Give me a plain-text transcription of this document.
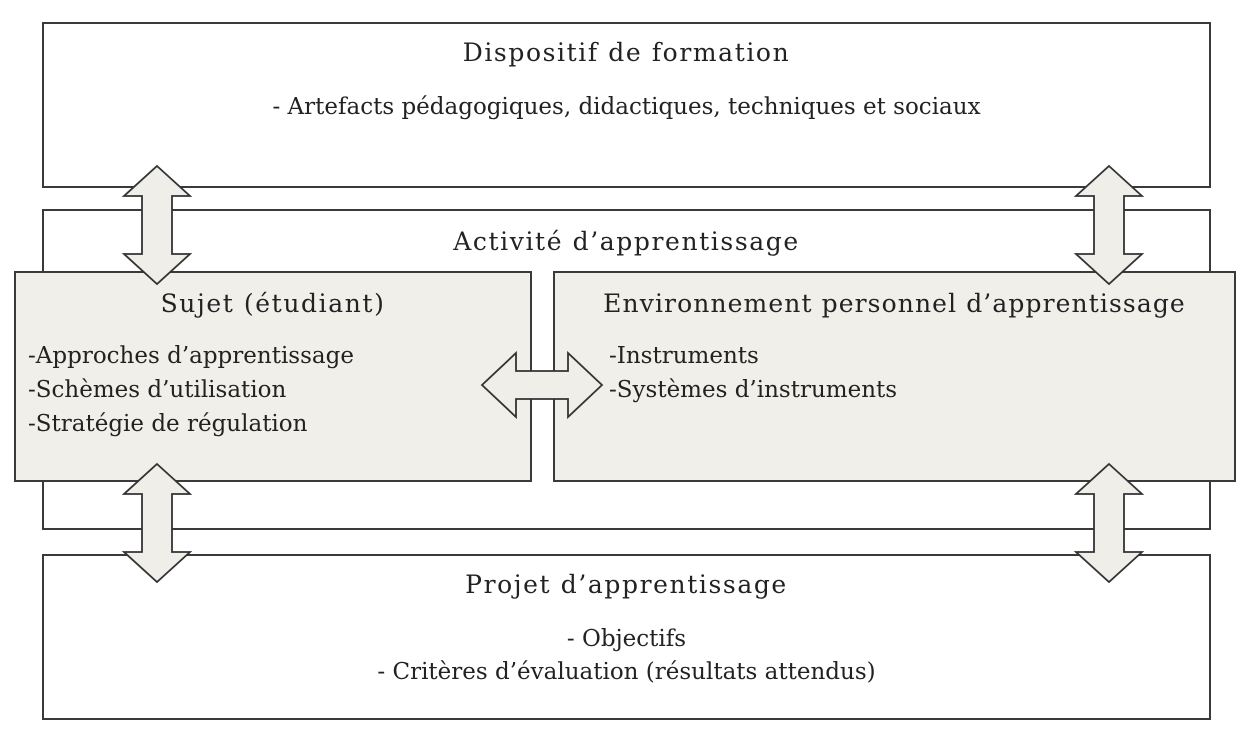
Dispositif de formation
- Artefacts pédagogiques, didactiques, techniques et sociaux
Activité d’apprentissage
Sujet (étudiant)
-Approches d’apprentissage
-Schèmes d’utilisation
-Stratégie de régulation
Environnement personnel d’apprentissage
-Instruments
-Systèmes d’instruments
Projet d’apprentissage
- Objectifs
- Critères d’évaluation (résultats attendus)
